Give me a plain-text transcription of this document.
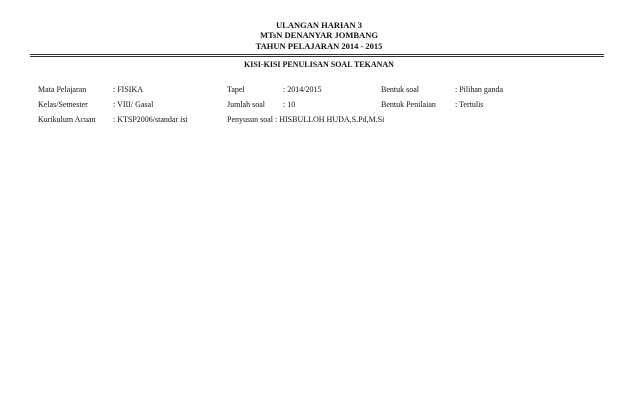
ULANGAN HARIAN 3
MTsN DENANYAR JOMBANG
TAHUN PELAJARAN 2014 - 2015
KISI-KISI PENULISAN SOAL TEKANAN
Mata Pelajaran	: FISIKA	Tapel	: 2014/2015	Bentuk soal	: Pilihan ganda
Kelas/Semester	: VIII/ Gasal	Jumlah soal : 10	Bentuk Penilaian : Tertulis
Kurikulum Acuan : KTSP2006/standar isi	Penyusun soal : HISBULLOH HUDA,S.Pd,M.Si
